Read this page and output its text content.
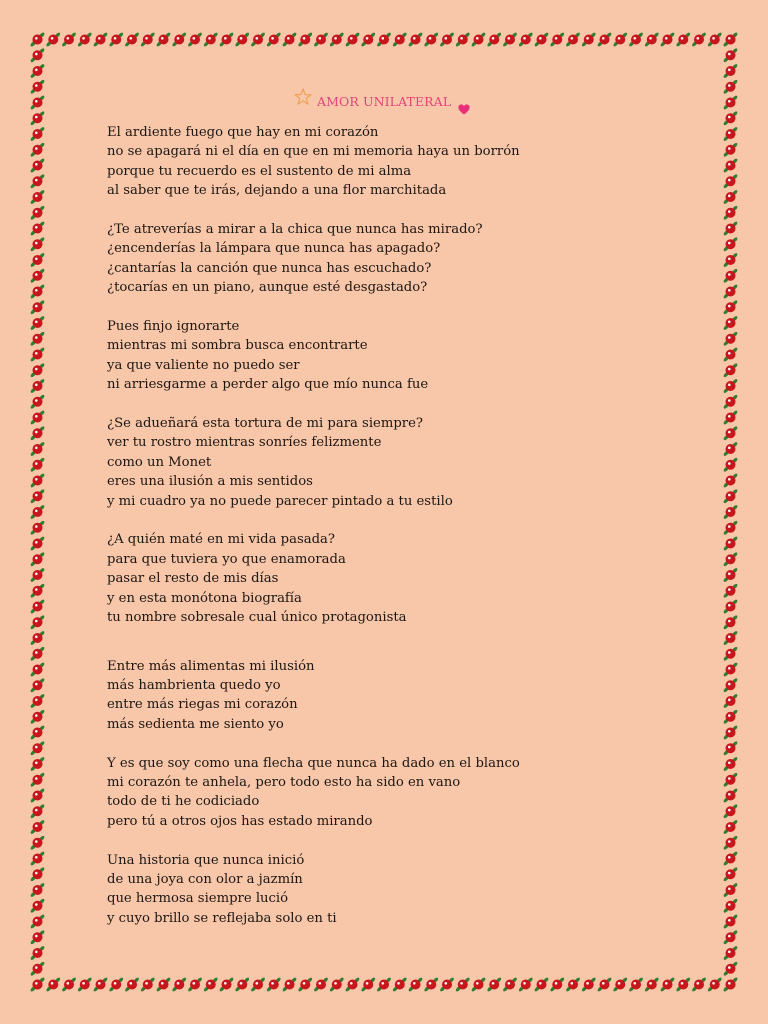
AMOR UNILATERAL
El ardiente fuego que hay en mi corazón
no se apagará ni el día en que en mi memoria haya un borrón
porque tu recuerdo es el sustento de mi alma
al saber que te irás, dejando a una flor marchitada
¿Te atreverías a mirar a la chica que nunca has mirado?
¿encenderías la lámpara que nunca has apagado?
¿cantarías la canción que nunca has escuchado?
¿tocarías en un piano, aunque esté desgastado?
Pues finjo ignorarte
mientras mi sombra busca encontrarte
ya que valiente no puedo ser
ni arriesgarme a perder algo que mío nunca fue
¿Se adueñará esta tortura de mi para siempre?
ver tu rostro mientras sonríes felizmente
como un Monet
eres una ilusión a mis sentidos
y mi cuadro ya no puede parecer pintado a tu estilo
¿A quién maté en mi vida pasada?
para que tuviera yo que enamorada
pasar el resto de mis días
y en esta monótona biografía
tu nombre sobresale cual único protagonista
Entre más alimentas mi ilusión
más hambrienta quedo yo
entre más riegas mi corazón
más sedienta me siento yo
Y es que soy como una flecha que nunca ha dado en el blanco
mi corazón te anhela, pero todo esto ha sido en vano
todo de ti he codiciado
pero tú a otros ojos has estado mirando
Una historia que nunca inició
de una joya con olor a jazmín
que hermosa siempre lució
y cuyo brillo se reflejaba solo en ti
